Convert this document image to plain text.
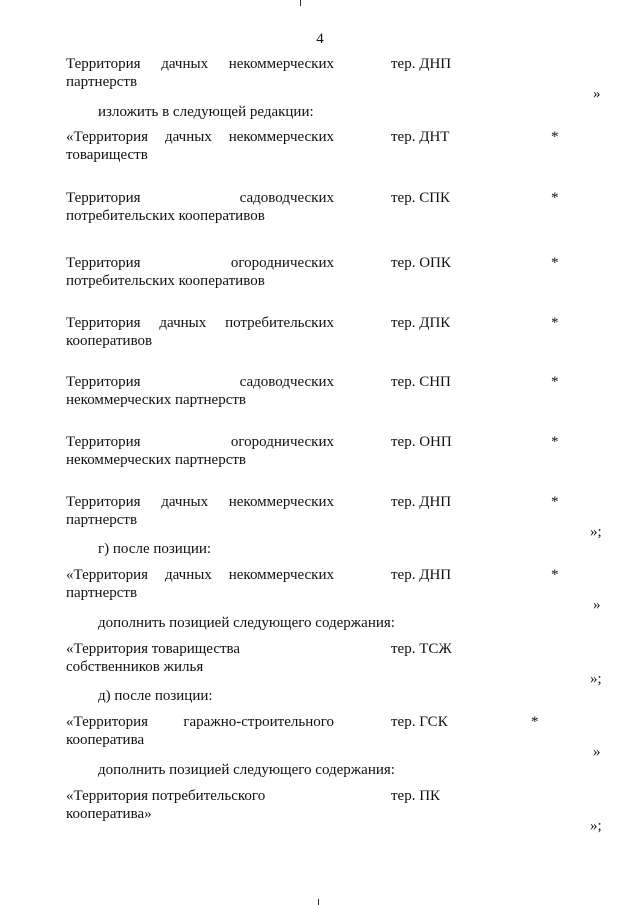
4
Территория дачных некоммерческих
партнерств
тер. ДНП
»
«Территория дачных некоммерческих
товариществ
тер. ДНТ	*
Территория	садоводческих
потребительских кооперативов
тер. СПК	*
Территория	огороднических
потребительских кооперативов
тер. ОПК	*
Территория дачных потребительских
кооперативов
тер. ДПК	*
Территория	садоводческих
некоммерческих партнерств
тер. СНП	*
Территория	огороднических
некоммерческих партнерств
тер. ОНП	*
Территория дачных некоммерческих
партнерств
тер. ДНП	*
»;
«Территория дачных некоммерческих
партнерств
тер. ДНП	*
»
«Территория товарищества
собственников жилья
тер. ТСЖ
»;
«Территория гаражно-строительного
кооператива
тер. ГСК	*
»
«Территория потребительского
кооператива»
тер. ПК
»;
изложить в следующей редакции:
г) после позиции:
дополнить позицией следующего содержания:
д) после позиции:
дополнить позицией следующего содержания:
